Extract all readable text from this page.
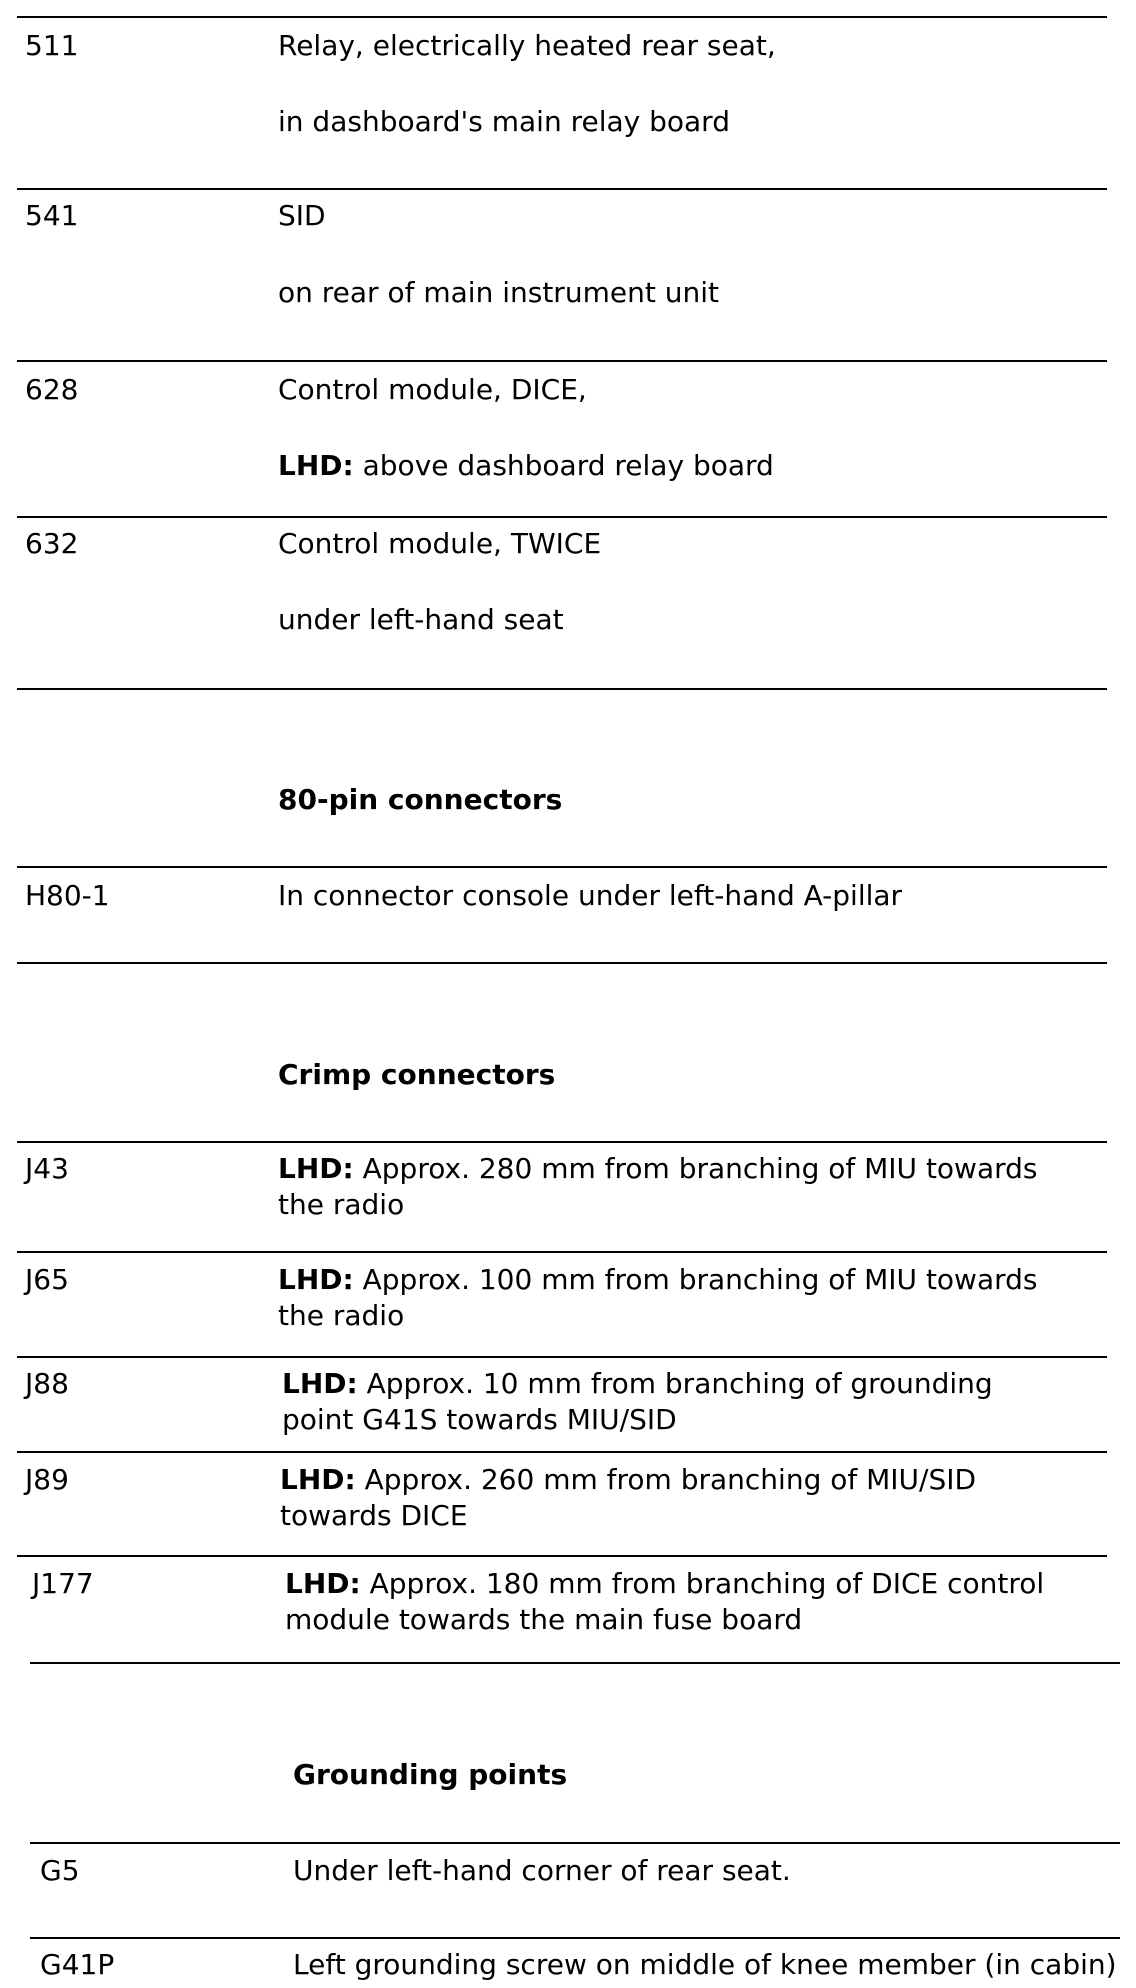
511	Relay, electrically heated rear seat,
in dashboard's main relay board
541	SID
on rear of main instrument unit
628	Control module, DICE,
LHD: above dashboard relay board
632	Control module, TWICE
under left-hand seat
80-pin connectors
H80-1	In connector console under left-hand A-pillar
Crimp connectors
J43	LHD: Approx. 280 mm from branching of MIU towards the radio
J65	LHD: Approx. 100 mm from branching of MIU towards the radio
J88	LHD: Approx. 10 mm from branching of grounding point G41S towards MIU/SID
J89	LHD: Approx. 260 mm from branching of MIU/SID towards DICE
J177	LHD: Approx. 180 mm from branching of DICE control module towards the main fuse board
Grounding points
G5	Under left-hand corner of rear seat.
G41P	Left grounding screw on middle of knee member (in cabin)
